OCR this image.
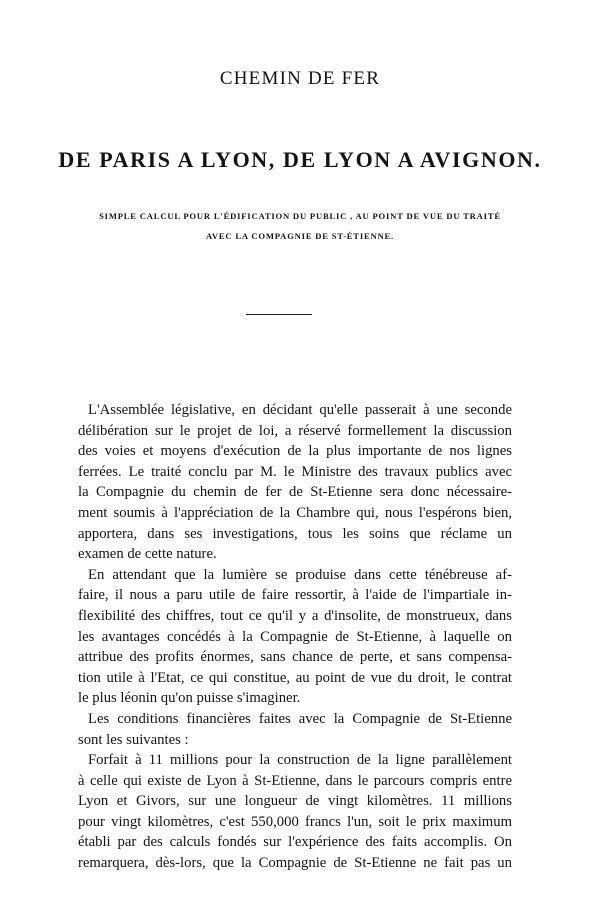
CHEMIN DE FER
DE PARIS A LYON, DE LYON A AVIGNON.
SIMPLE CALCUL POUR L'ÉDIFICATION DU PUBLIC , AU POINT DE VUE DU TRAITÉ
AVEC LA COMPAGNIE DE ST-ÉTIENNE.
L'Assemblée législative, en décidant qu'elle passerait à une seconde
délibération sur le projet de loi, a réservé formellement la discussion
des voies et moyens d'exécution de la plus importante de nos lignes
ferrées. Le traité conclu par M. le Ministre des travaux publics avec
la Compagnie du chemin de fer de St-Etienne sera donc nécessaire-
ment soumis à l'appréciation de la Chambre qui, nous l'espérons bien,
apportera, dans ses investigations, tous les soins que réclame un
examen de cette nature.
En attendant que la lumière se produise dans cette ténébreuse af-
faire, il nous a paru utile de faire ressortir, à l'aide de l'impartiale in-
flexibilité des chiffres, tout ce qu'il y a d'insolite, de monstrueux, dans
les avantages concédés à la Compagnie de St-Etienne, à laquelle on
attribue des profits énormes, sans chance de perte, et sans compensa-
tion utile à l'Etat, ce qui constitue, au point de vue du droit, le contrat
le plus léonin qu'on puisse s'imaginer.
Les conditions financières faites avec la Compagnie de St-Etienne
sont les suivantes :
Forfait à 11 millions pour la construction de la ligne parallèlement
à celle qui existe de Lyon à St-Etienne, dans le parcours compris entre
Lyon et Givors, sur une longueur de vingt kilomètres. 11 millions
pour vingt kilomètres, c'est 550,000 francs l'un, soit le prix maximum
établi par des calculs fondés sur l'expérience des faits accomplis. On
remarquera, dès-lors, que la Compagnie de St-Etienne ne fait pas un
